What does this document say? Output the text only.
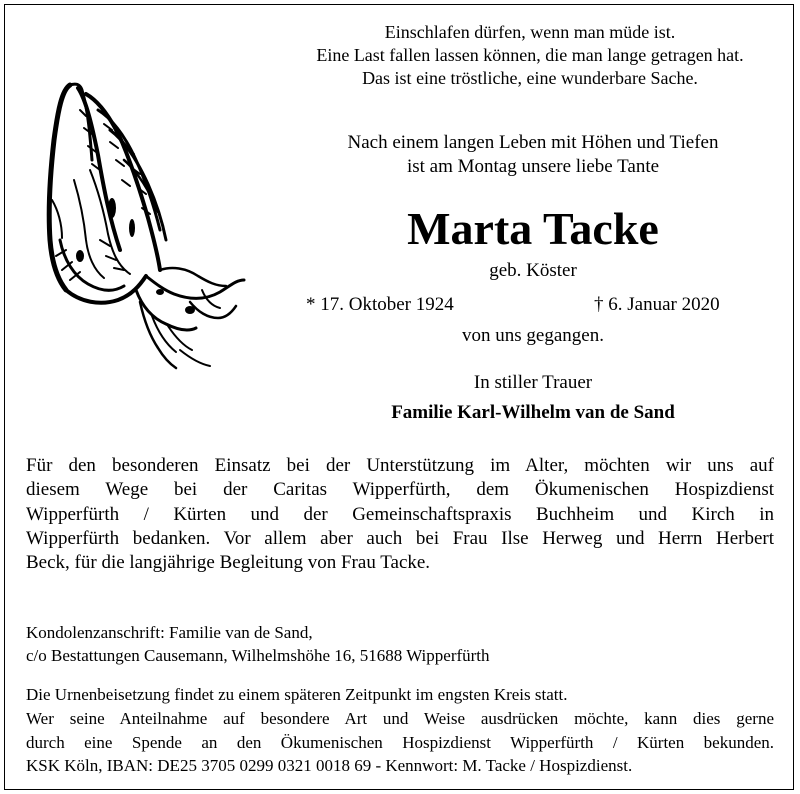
Einschlafen dürfen, wenn man müde ist.
Eine Last fallen lassen können, die man lange getragen hat.
Das ist eine tröstliche, eine wunderbare Sache.
Nach einem langen Leben mit Höhen und Tiefen
ist am Montag unsere liebe Tante
Marta Tacke
geb. Köster
* 17. Oktober 1924	† 6. Januar 2020
von uns gegangen.
In stiller Trauer
Familie Karl-Wilhelm van de Sand
Für den besonderen Einsatz bei der Unterstützung im Alter, möchten wir uns auf
diesem Wege bei der Caritas Wipperfürth, dem Ökumenischen Hospizdienst
Wipperfürth / Kürten und der Gemeinschaftspraxis Buchheim und Kirch in
Wipperfürth bedanken. Vor allem aber auch bei Frau Ilse Herweg und Herrn Herbert
Beck, für die langjährige Begleitung von Frau Tacke.
Kondolenzanschrift: Familie van de Sand,
c/o Bestattungen Causemann, Wilhelmshöhe 16, 51688 Wipperfürth
Die Urnenbeisetzung findet zu einem späteren Zeitpunkt im engsten Kreis statt.
Wer seine Anteilnahme auf besondere Art und Weise ausdrücken möchte, kann dies gerne
durch eine Spende an den Ökumenischen Hospizdienst Wipperfürth / Kürten bekunden.
KSK Köln, IBAN: DE25 3705 0299 0321 0018 69 - Kennwort: M. Tacke / Hospizdienst.
